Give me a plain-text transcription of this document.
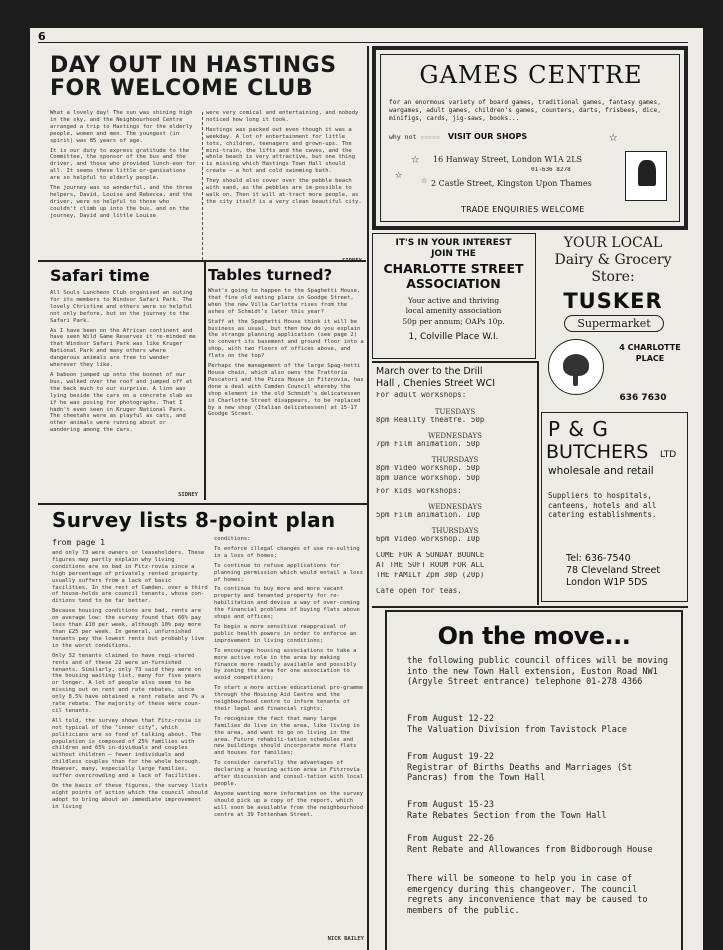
6
DAY OUT IN HASTINGS
FOR WELCOME CLUB

What a lovely day! The sun was shining high in the sky, and the Neighbourhood Centre arranged a trip to Hastings for the elderly people, women and men. The youngest (in spirit) was 85 years of age.

It is our duty to express gratitude to the Committee, the sponsor of the bus and the driver, and those who provided lunch-eon for all. It seems these little or-ganisations are so helpful to elderly people.

The journey was so wonderful, and the three helpers, David, Louise and Rebecca, and the driver, were so helpful to those who couldn't climb up into the bus, and on the journey, David and little Louise

were very comical and entertaining, and nobody noticed how long it took.

Hastings was packed out even though it was a weekday. A lot of entertainment for little tots, children, teenagers and grown-ups. The mini-train, the lifts and the caves, and the whole beach is very attractive, but one thing is missing which Hastings Town Hall should create — a hot and cold swimming bath.

They should also cover over the pebble beach with sand, as the pebbles are im-possible to walk on. Then it will at-tract more people, as the city itself is a very clean beautiful city.

Safari time

All Souls Luncheon Club organised an outing for its members to Windsor Safari Park. The lovely Christine and others were so helpful not only before, but on the journey to the Safari Park.

As I have been on the African continent and have seen Wild Game Reserves it re-minded me that Windsor Safari Park was like Kruger National Park and many others where dangerous animals are free to wander wherever they like.

A baboon jumped up onto the bonnet of our bus, walked over the roof and jumped off at the back much to our surprise. A lion was lying beside the cars on a concrete slab as if he was posing for photographs. That I hadn't even seen in Kruger National Park. The cheetahs were as playful as cats, and other animals were running about or wandering among the cars.

SIDNEY
Tables turned?

What's going to happen to the Spaghetti House, that fine old eating place in Goodge Street, when the new Villa Carlotta rises from the ashes of Schmidt's later this year?

Staff at the Spaghetti House think it will be business as usual, but then how do you explain the strange planning application (see page 2) to convert its basement and ground floor into a shop, with two floors of offices above, and flats on the top?

Perhaps the management of the large Spag-hetti House chain, which also owns the Trattoria Pescatori and the Pizza House in Fitzrovia, has done a deal with Camden Council whereby the shop element in the old Schmidt's delicatessen in Charlotte Street disappears, to be replaced by a new shop (Italian delicatessen) at 15-17 Goodge Street.

Survey lists 8-point plan
from page 1

and only 73 were owners or leaseholders. These figures may partly explain why living conditions are so bad in Fitz-rovia since a high percentage of privately rented property usually suffers from a lack of basic facilities. In the rest of Camden, over a third of house-holds are council tenants, whose con-ditions tend to be far better.

Because housing conditions are bad, rents are on average low: the survey found that 66% pay less than £10 per week, although 10% pay more than £25 per week. In general, unfurnished tenants pay the lowest rents but probably live in the worst conditions.

Only 32 tenants claimed to have regi-stered rents and of these 22 were un-furnished tenants. Similarly, only 73 said they were on the housing waiting list, many for five years or longer. A lot of people also seem to be missing out on rent and rate rebates, since only 8.5% have obtained a rent rebate and 7% a rate rebate. The majority of these were coun-cil tenants.

All told, the survey shows that Fitz-rovia is not typical of the "inner city", which politicians are so fond of talking about. The population is composed of 25% families with children and 65% in-dividuals and couples without children — fewer individuals and childless couples than for the whole borough. However, many, especially large families, suffer overcrowding and a lack of facilities.

On the basis of these figures, the survey lists eight points of action which the council should adopt to bring about an immediate improvement in living

conditions:

To enforce illegal changes of use re-sulting in a loss of homes;

To continue to refuse applications for planning permission which would entail a loss of homes;

To continue to buy more and more vacant property and tenanted property for re-habilitation and devise a way of over-coming the financial problems of buying flats above shops and offices;

To begin a more sensitive reappraisal of public health powers in order to enforce an improvement in living conditions;

To encourage housing associations to take a more active role in the area by making finance more readily available and possibly by zoning the area for one association to avoid competition;

To start a more active educational pro-gramme through the Housing Aid Centre and the neighbourhood centre to inform tenants of their legal and financial rights;

To recognise the fact that many large families do live in the area, like living in the area, and want to go on living in the area. Future rehabili-tation schedules and new buildings should incorporate more flats and houses for families;

To consider carefully the advantages of declaring a housing action area in Fitzrovia after discussion and consul-tation with local people.

Anyone wanting more information on the survey should pick up a copy of the report, which will soon be available from the neighbourhood centre at 39 Tottenham Street.

NICK BAILEY
GAMES CENTRE
for an enormous variety of board games, traditional games, fantasy games, wargames, adult games, children's games, counters, darts, frisbees, dice, minifigs, cards, jig-saws, books...
why not ☆☆☆☆☆ VISIT OUR SHOPS
☆
☆ ☆
☆
16 Hanway Street, London W1A 2LS
01-636 8278
2 Castle Street, Kingston Upon Thames
TRADE ENQUIRIES WELCOME
IT'S IN YOUR INTEREST
JOIN THE
CHARLOTTE STREET
ASSOCIATION
Your active and thriving
local amenity association
50p per annum; OAPs 10p.
1, Colville Place W.I.
YOUR LOCAL
Dairy & Grocery
Store:
TUSKER
Supermarket
4 CHARLOTTE
PLACE
636 7630
March over to the Drill
Hall , Chenies Street WCI
For adult workshops:
TUESDAYS
8pm Reality theatre. 50p
WEDNESDAYS
7pm Film animation. 50p
THURSDAYS
8pm Video workshop. 50p
8pm Dance workshop. 50p
For kids workshops:
WEDNESDAYS
5pm Film animation. 10p
THURSDAYS
6pm Video workshop. 10p
COME FOR A SUNDAY BOUNCE
AT THE SOFT ROOM FOR ALL
THE FAMILY 2pm 30p (20p)
Cafe open for teas.
P & G
BUTCHERS LTD
wholesale and retail
Suppliers to hospitals, canteens, hotels and all catering establishments.
Tel: 636-7540
78 Cleveland Street
London W1P 5DS
On the move...
the following public council offices will be moving into the new Town Hall extension, Euston Road NW1 (Argyle Street entrance) telephone 01-278 4366
From August 12-22
The Valuation Division from Tavistock Place
From August 19-22
Registrar of Births Deaths and Marriages (St Pancras) from the Town Hall
From August 15-23
Rate Rebates Section from the Town Hall
From August 22-26
Rent Rebate and Allowances from Bidborough House
There will be someone to help you in case of emergency during this changeover. The council regrets any inconvenience that may be caused to members of the public.
